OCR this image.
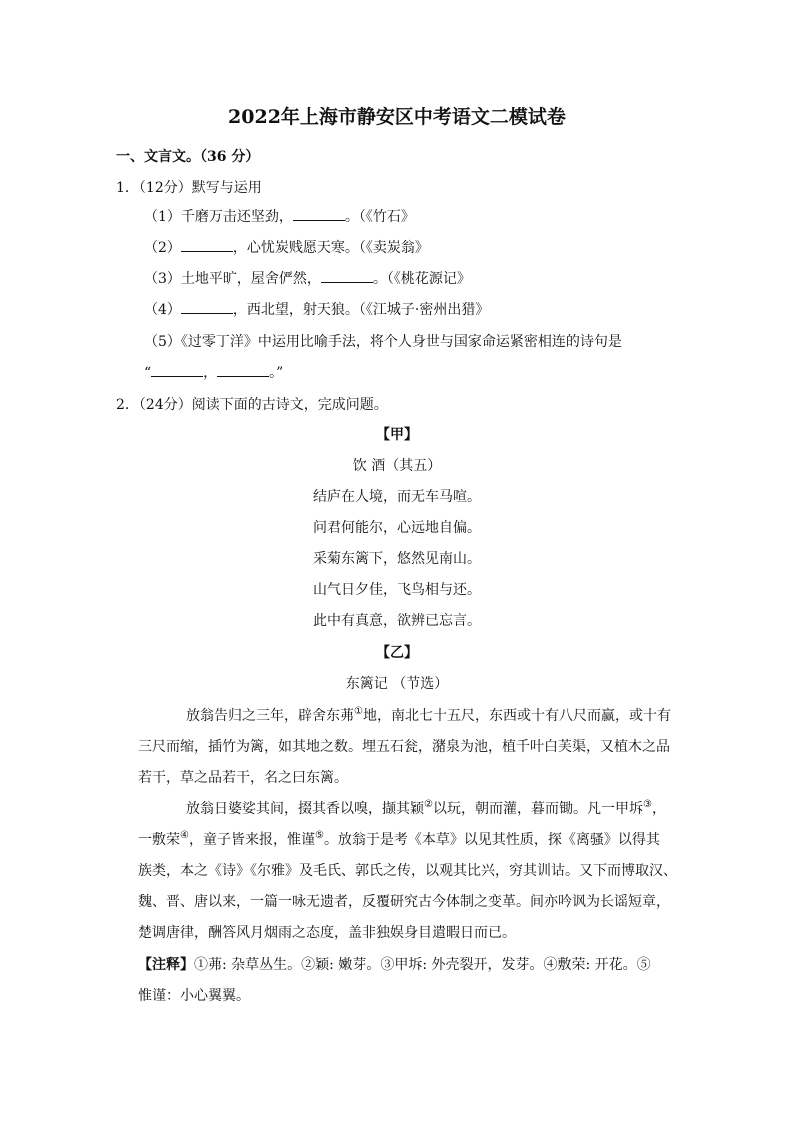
2022年上海市静安区中考语文二模试卷
一、文言文。（36 分）
1．（12分）默写与运用
（1）千磨万击还坚劲，	。（《竹石》
（2）	，心忧炭贱愿天寒。（《卖炭翁》
（3）土地平旷，屋舍俨然，	。（《桃花源记》
（4）	，西北望，射天狼。（《江城子·密州出猎》
（5）《过零丁洋》中运用比喻手法，将个人身世与国家命运紧密相连的诗句是
“	，	。”
2．（24分）阅读下面的古诗文，完成问题。
【甲】
饮 酒（其五）
结庐在人境，而无车马喧。
问君何能尔，心远地自偏。
采菊东篱下，悠然见南山。
山气日夕佳，飞鸟相与还。
此中有真意，欲辨已忘言。
【乙】
东篱记 （节选）
放翁告归之三年，辟舍东茀①地，南北七十五尺，东西或十有八尺而赢，或十有
三尺而缩，插竹为篱，如其地之数。埋五石瓮，潴泉为池，植千叶白芙渠，又植木之品
若干，草之品若干，名之曰东篱。
放翁日婆娑其间，掇其香以嗅，撷其颖②以玩，朝而灌，暮而锄。凡一甲坼③，
一敷荣④，童子皆来报，惟谨⑤。放翁于是考《本草》以见其性质，探《离骚》以得其
族类，本之《诗》《尔雅》及毛氏、郭氏之传，以观其比兴，穷其训诂。又下而博取汉、
魏、晋、唐以来，一篇一咏无遗者，反覆研究古今体制之变革。间亦吟讽为长谣短章，
楚调唐律，酬答风月烟雨之态度，盖非独娱身目遣暇日而已。
【注释】①茀: 杂草丛生。②颖: 嫩芽。③甲坼: 外壳裂开，发芽。④敷荣: 开花。⑤
惟谨：小心翼翼。
